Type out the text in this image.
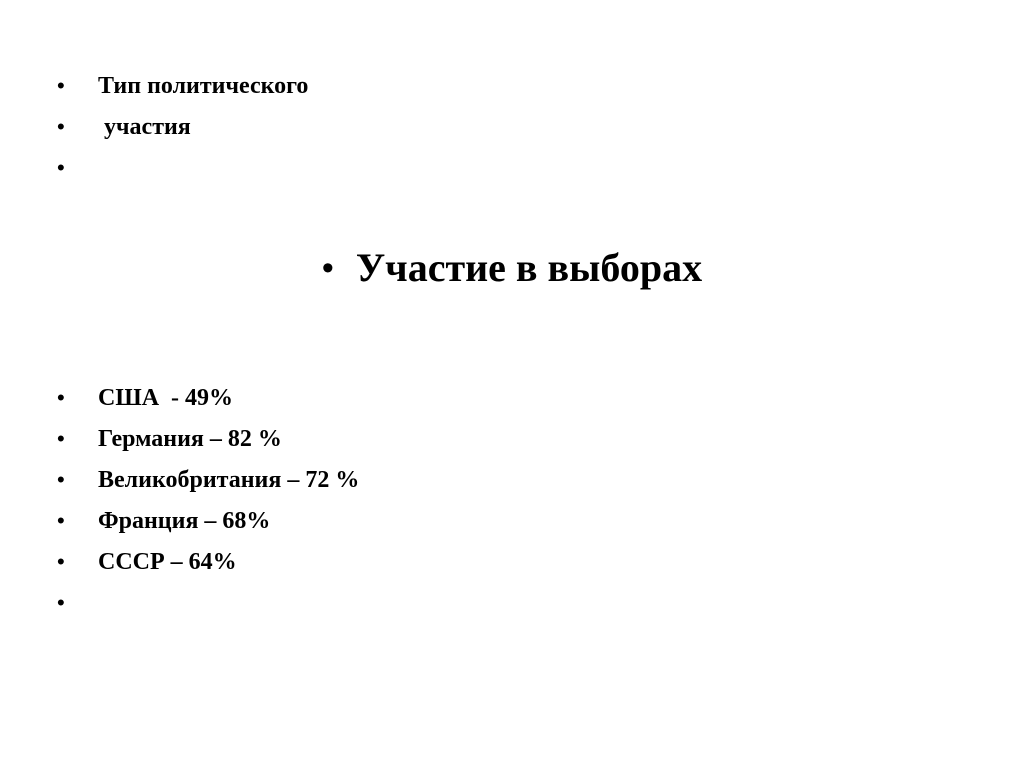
•	Тип политического
•	участия
•
• Участие в выборах
•	США  - 49%
•	Германия – 82 %
•	Великобритания – 72 %
•	Франция – 68%
•	СССР – 64%
•
